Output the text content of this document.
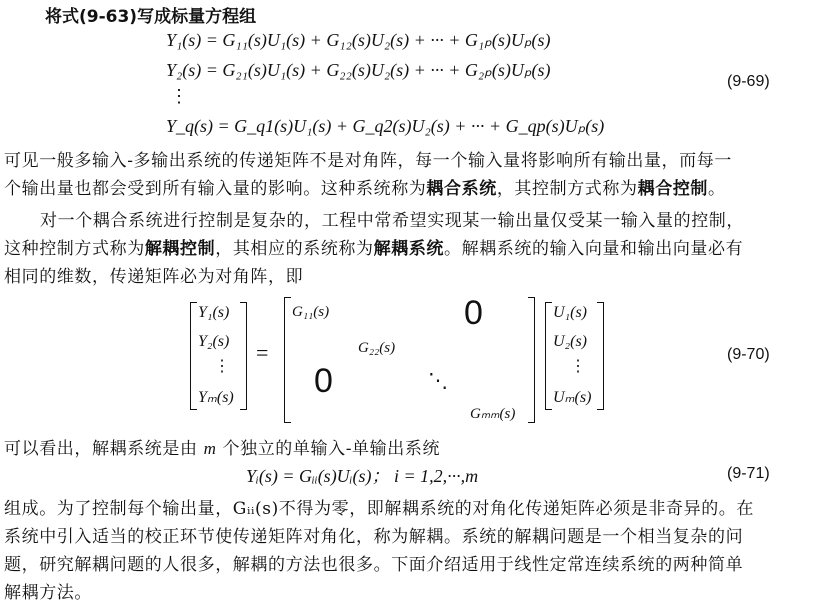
将式(9-63)写成标量方程组
Y₁(s) = G₁₁(s)U₁(s) + G₁₂(s)U₂(s) + ··· + G₁ₚ(s)Uₚ(s)
Y₂(s) = G₂₁(s)U₁(s) + G₂₂(s)U₂(s) + ··· + G₂ₚ(s)Uₚ(s)
⋮
Y_q(s) = G_q1(s)U₁(s) + G_q2(s)U₂(s) + ··· + G_qp(s)Uₚ(s)
(9-69)
可见一般多输入-多输出系统的传递矩阵不是对角阵，每一个输入量将影响所有输出量，而每一
个输出量也都会受到所有输入量的影响。这种系统称为耦合系统，其控制方式称为耦合控制。
对一个耦合系统进行控制是复杂的，工程中常希望实现某一输出量仅受某一输入量的控制，
这种控制方式称为解耦控制，其相应的系统称为解耦系统。解耦系统的输入向量和输出向量必有
相同的维数，传递矩阵必为对角阵，即
Y₁(s)
Y₂(s)
⋮
Yₘ(s)
=
G₁₁(s)	0
G₂₂(s)
0	⋱
Gₘₘ(s)
U₁(s)
U₂(s)
⋮
Uₘ(s)
(9-70)
可以看出，解耦系统是由 m 个独立的单输入-单输出系统
Yᵢ(s) = Gᵢᵢ(s)Uᵢ(s)； i = 1,2,···,m	(9-71)
组成。为了控制每个输出量，Gᵢᵢ(s)不得为零，即解耦系统的对角化传递矩阵必须是非奇异的。在
系统中引入适当的校正环节使传递矩阵对角化，称为解耦。系统的解耦问题是一个相当复杂的问
题，研究解耦问题的人很多，解耦的方法也很多。下面介绍适用于线性定常连续系统的两种简单
解耦方法。
